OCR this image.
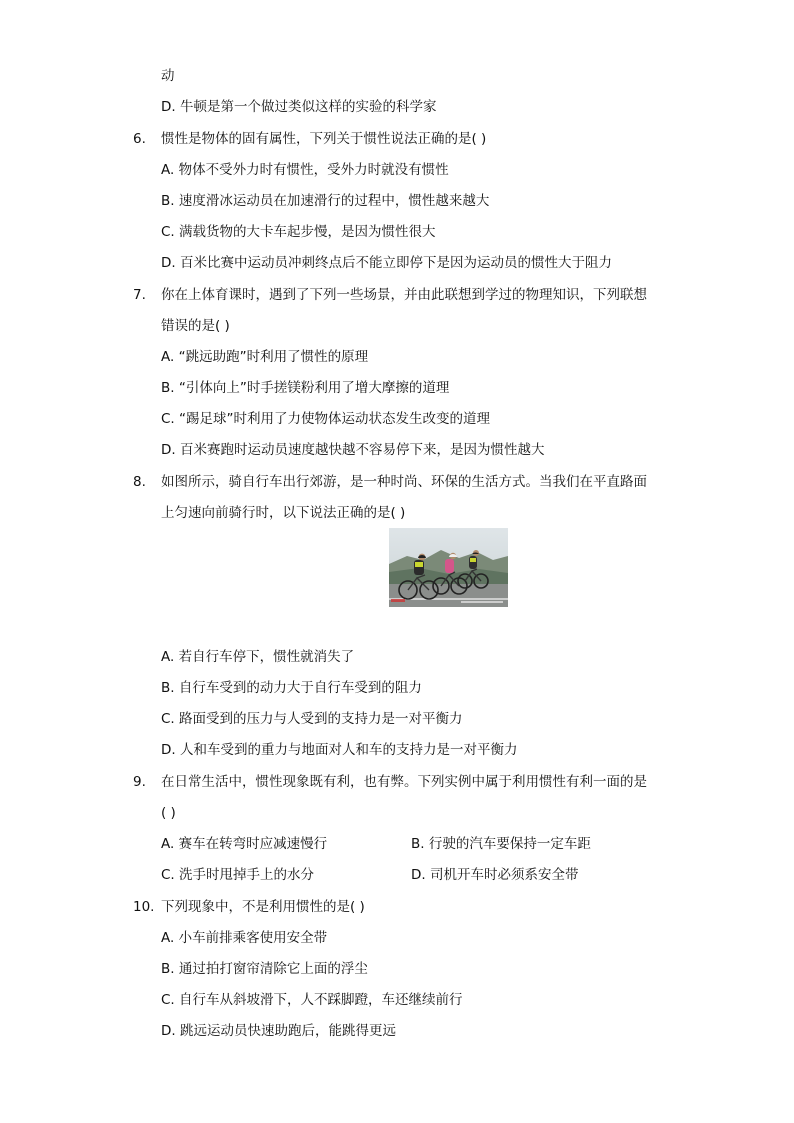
动
D. 牛顿是第一个做过类似这样的实验的科学家
6. 惯性是物体的固有属性，下列关于惯性说法正确的是( )
A. 物体不受外力时有惯性，受外力时就没有惯性
B. 速度滑冰运动员在加速滑行的过程中，惯性越来越大
C. 满载货物的大卡车起步慢，是因为惯性很大
D. 百米比赛中运动员冲刺终点后不能立即停下是因为运动员的惯性大于阻力
7. 你在上体育课时，遇到了下列一些场景，并由此联想到学过的物理知识，下列联想
错误的是( )
A. “跳远助跑”时利用了惯性的原理
B. “引体向上”时手搓镁粉利用了增大摩擦的道理
C. “踢足球”时利用了力使物体运动状态发生改变的道理
D. 百米赛跑时运动员速度越快越不容易停下来，是因为惯性越大
8. 如图所示，骑自行车出行郊游，是一种时尚、环保的生活方式。当我们在平直路面
上匀速向前骑行时，以下说法正确的是( )
A. 若自行车停下，惯性就消失了
B. 自行车受到的动力大于自行车受到的阻力
C. 路面受到的压力与人受到的支持力是一对平衡力
D. 人和车受到的重力与地面对人和车的支持力是一对平衡力
9. 在日常生活中，惯性现象既有利，也有弊。下列实例中属于利用惯性有利一面的是
( )
A. 赛车在转弯时应减速慢行	B. 行驶的汽车要保持一定车距
C. 洗手时甩掉手上的水分	D. 司机开车时必须系安全带
10. 下列现象中，不是利用惯性的是( )
A. 小车前排乘客使用安全带
B. 通过拍打窗帘清除它上面的浮尘
C. 自行车从斜坡滑下，人不踩脚蹬，车还继续前行
D. 跳远运动员快速助跑后，能跳得更远
